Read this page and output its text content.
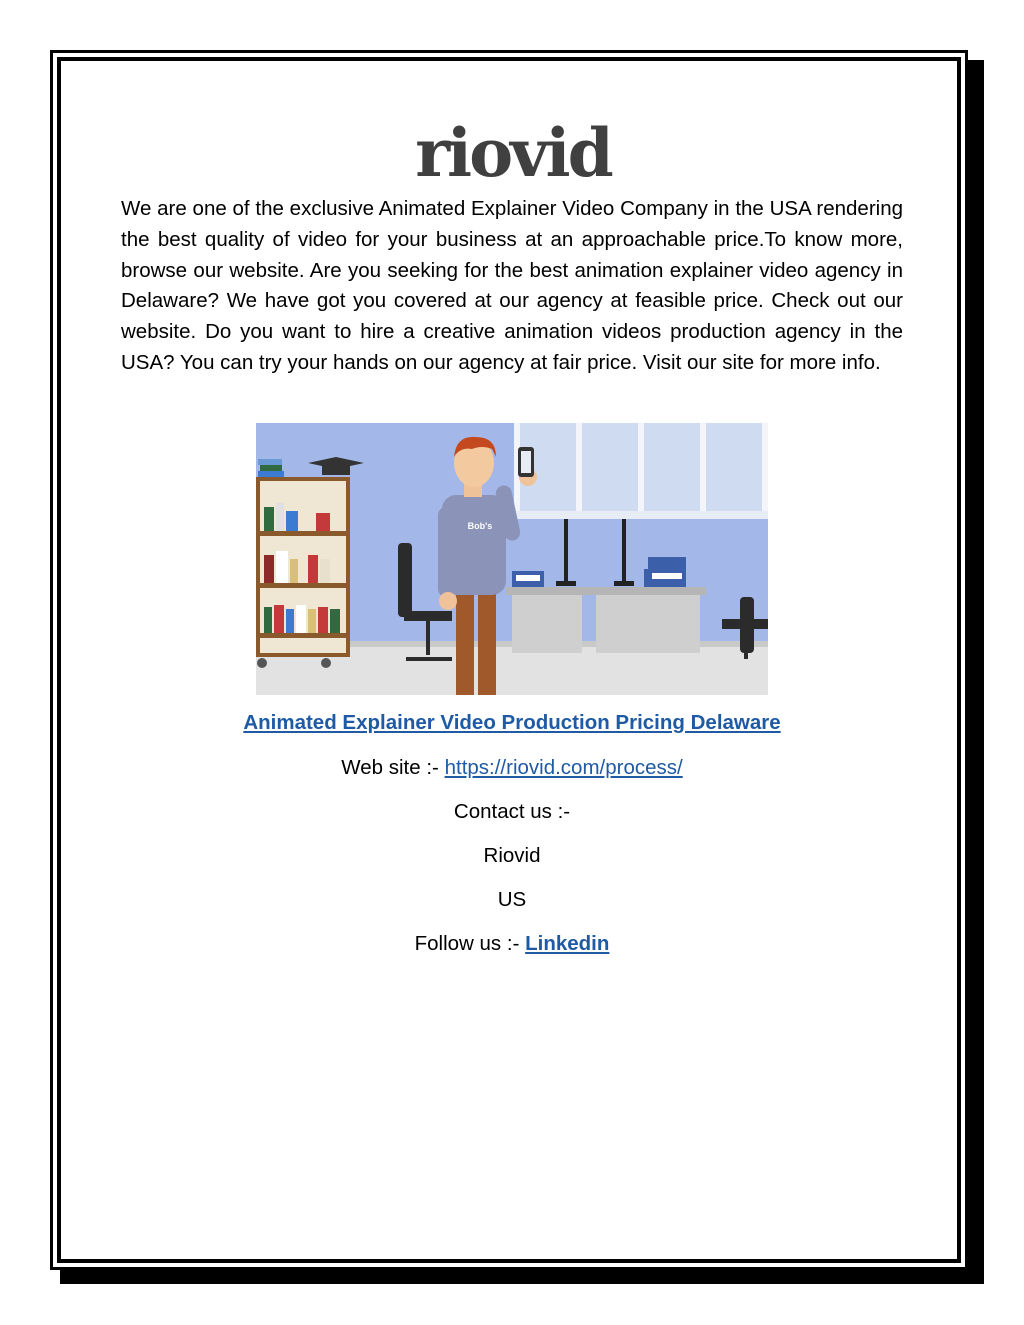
riovid

We are one of the exclusive Animated Explainer Video Company in the USA rendering the best quality of video for your business at an approachable price.To know more, browse our website. Are you seeking for the best animation explainer video agency in Delaware? We have got you covered at our agency at feasible price. Check out our website. Do you want to hire a creative animation videos production agency in the USA? You can try your hands on our agency at fair price. Visit our site for more info.

Bob's
Animated Explainer Video Production Pricing Delaware
Web site :- https://riovid.com/process/
Contact us :-
Riovid
US
Follow us :- Linkedin
